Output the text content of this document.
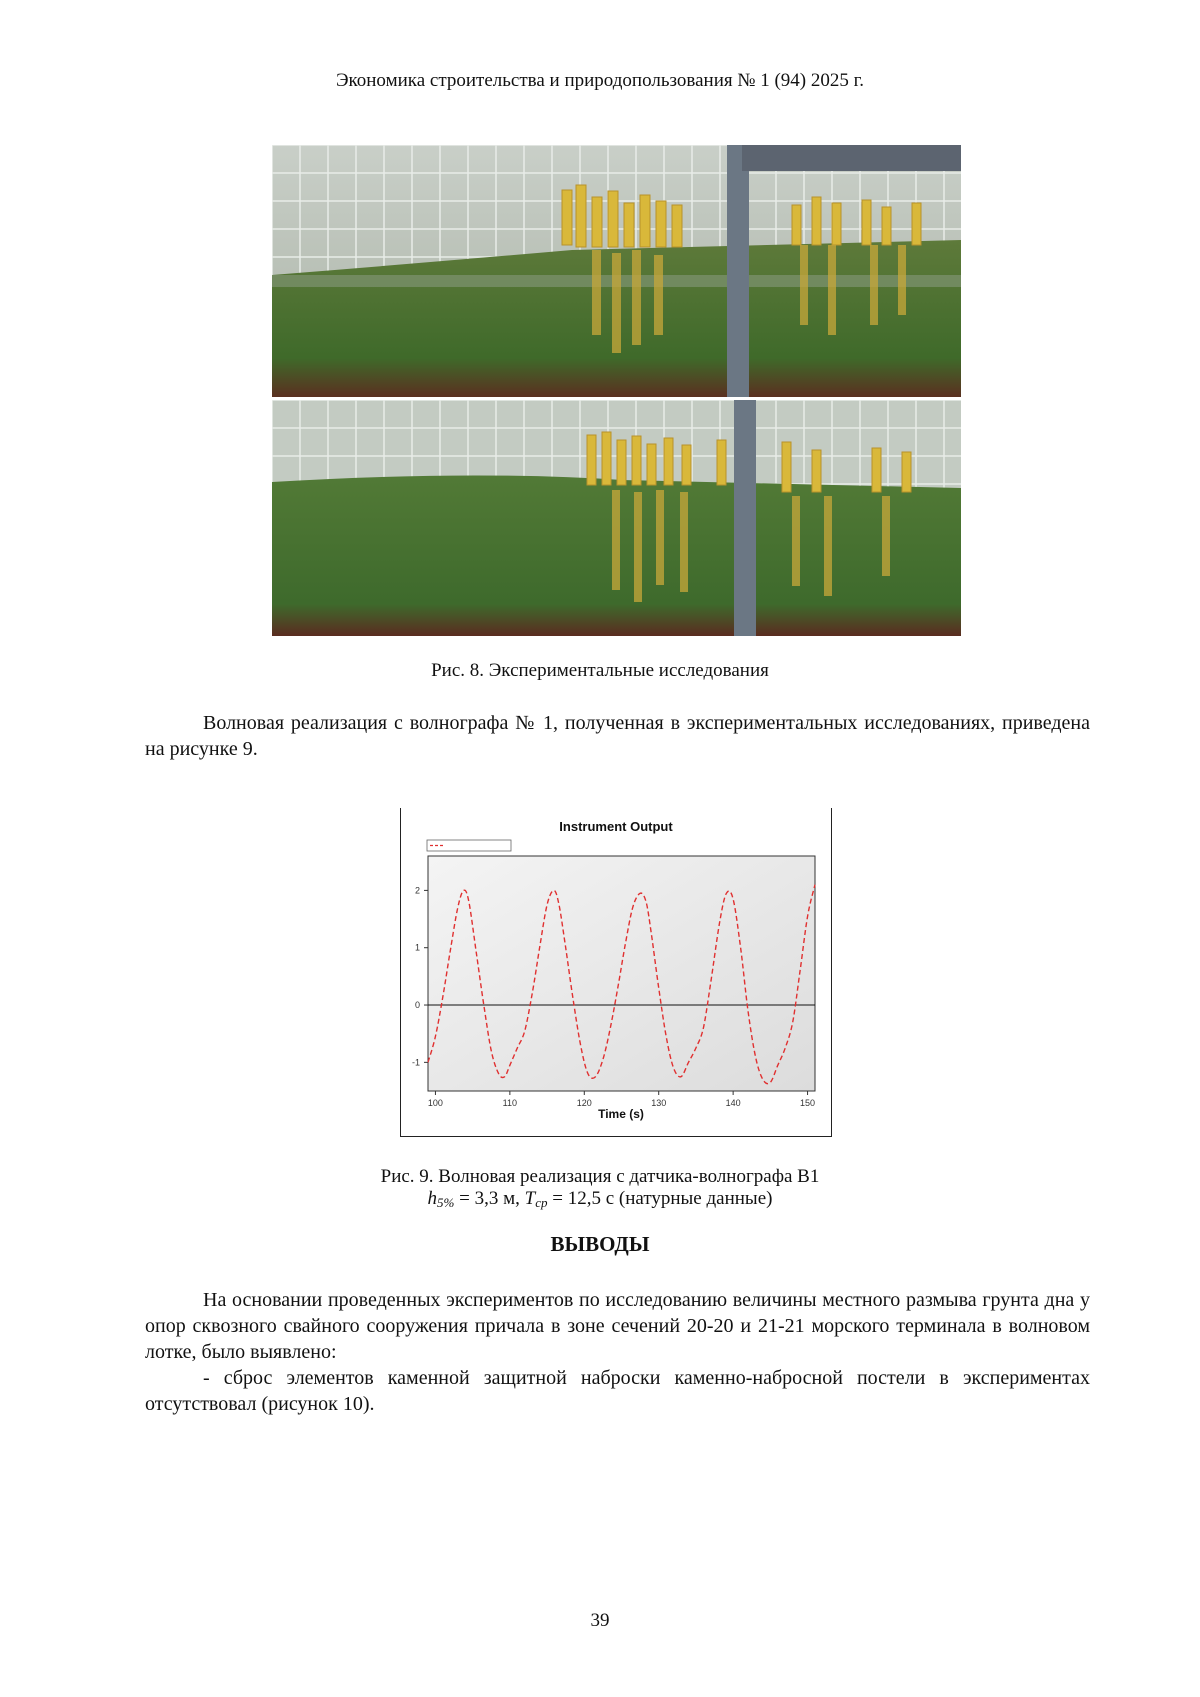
Экономика строительства и природопользования № 1 (94) 2025 г.
Рис. 8. Экспериментальные исследования

Волновая реализация с волнографа № 1, полученная в экспериментальных исследованиях, приведена на рисунке 9.

Instrument Output
-1
0
1
2
100	110	120	130	140	150
Time (s)
Рис. 9. Волновая реализация с датчика-волнографа В1
$h_{5\%} = 3,3$ м, $T_{ср} = 12,5$ с (натурные данные)
ВЫВОДЫ

На основании проведенных экспериментов по исследованию величины местного размыва грунта дна у опор сквозного свайного сооружения причала в зоне сечений 20-20 и 21-21 морского терминала в волновом лотке, было выявлено:

- сброс элементов каменной защитной наброски каменно-набросной постели в экспериментах отсутствовал (рисунок 10).

39
